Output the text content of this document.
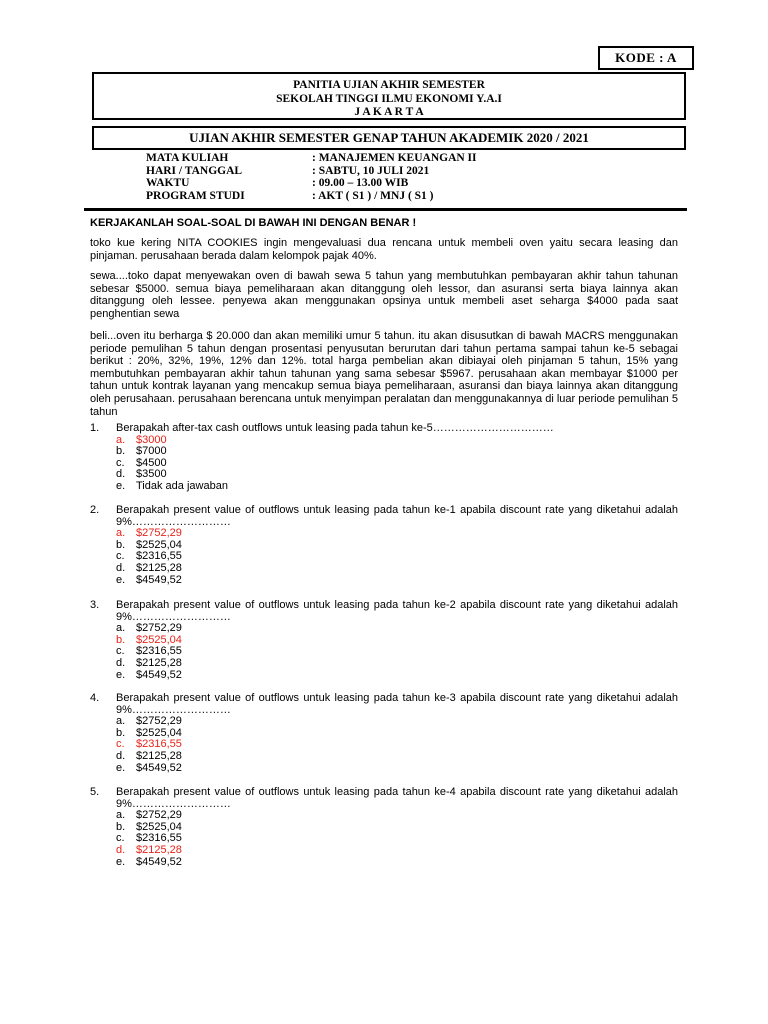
KODE : A
PANITIA UJIAN AKHIR SEMESTER
SEKOLAH TINGGI ILMU EKONOMI Y.A.I
J A K A R T A
UJIAN AKHIR SEMESTER GENAP TAHUN AKADEMIK 2020 / 2021
MATA KULIAH	: MANAJEMEN KEUANGAN II
HARI / TANGGAL	: SABTU, 10 JULI 2021
WAKTU	: 09.00 – 13.00 WIB
PROGRAM STUDI	: AKT ( S1 ) / MNJ ( S1 )
KERJAKANLAH SOAL-SOAL DI BAWAH INI DENGAN BENAR !
toko kue kering NITA COOKIES ingin mengevaluasi dua rencana untuk membeli oven yaitu secara leasing dan pinjaman. perusahaan berada dalam kelompok pajak 40%.
sewa....toko dapat menyewakan oven di bawah sewa 5 tahun yang membutuhkan pembayaran akhir tahun tahunan sebesar $5000. semua biaya pemeliharaan akan ditanggung oleh lessor, dan asuransi serta biaya lainnya akan ditanggung oleh lessee. penyewa akan menggunakan opsinya untuk membeli aset seharga $4000 pada saat penghentian sewa
beli...oven itu berharga $ 20.000 dan akan memiliki umur 5 tahun. itu akan disusutkan di bawah MACRS menggunakan periode pemulihan 5 tahun dengan prosentasi penyusutan berurutan dari tahun pertama sampai tahun ke-5 sebagai berikut : 20%, 32%, 19%, 12% dan 12%. total harga pembelian akan dibiayai oleh pinjaman 5 tahun, 15% yang membutuhkan pembayaran akhir tahun tahunan yang sama sebesar $5967. perusahaan akan membayar $1000 per tahun untuk kontrak layanan yang mencakup semua biaya pemeliharaan, asuransi dan biaya lainnya akan ditanggung oleh perusahaan. perusahaan berencana untuk menyimpan peralatan dan menggunakannya di luar periode pemulihan 5 tahun
1.	Berapakah after-tax cash outflows untuk leasing pada tahun ke-5……………………………
a. $3000
b. $7000
c.	$4500
d. $3500
e. Tidak ada jawaban
2.	Berapakah present value of outflows untuk leasing pada tahun ke-1 apabila discount rate yang diketahui adalah 9%………………………
a. $2752,29
b. $2525,04
c.	$2316,55
d. $2125,28
e. $4549,52
3.	Berapakah present value of outflows untuk leasing pada tahun ke-2 apabila discount rate yang diketahui adalah 9%………………………
a. $2752,29
b. $2525,04
c.	$2316,55
d. $2125,28
e. $4549,52
4.	Berapakah present value of outflows untuk leasing pada tahun ke-3 apabila discount rate yang diketahui adalah 9%………………………
a. $2752,29
b. $2525,04
c.	$2316,55
d. $2125,28
e. $4549,52
5.	Berapakah present value of outflows untuk leasing pada tahun ke-4 apabila discount rate yang diketahui adalah 9%………………………
a. $2752,29
b. $2525,04
c.	$2316,55
d. $2125,28
e. $4549,52
